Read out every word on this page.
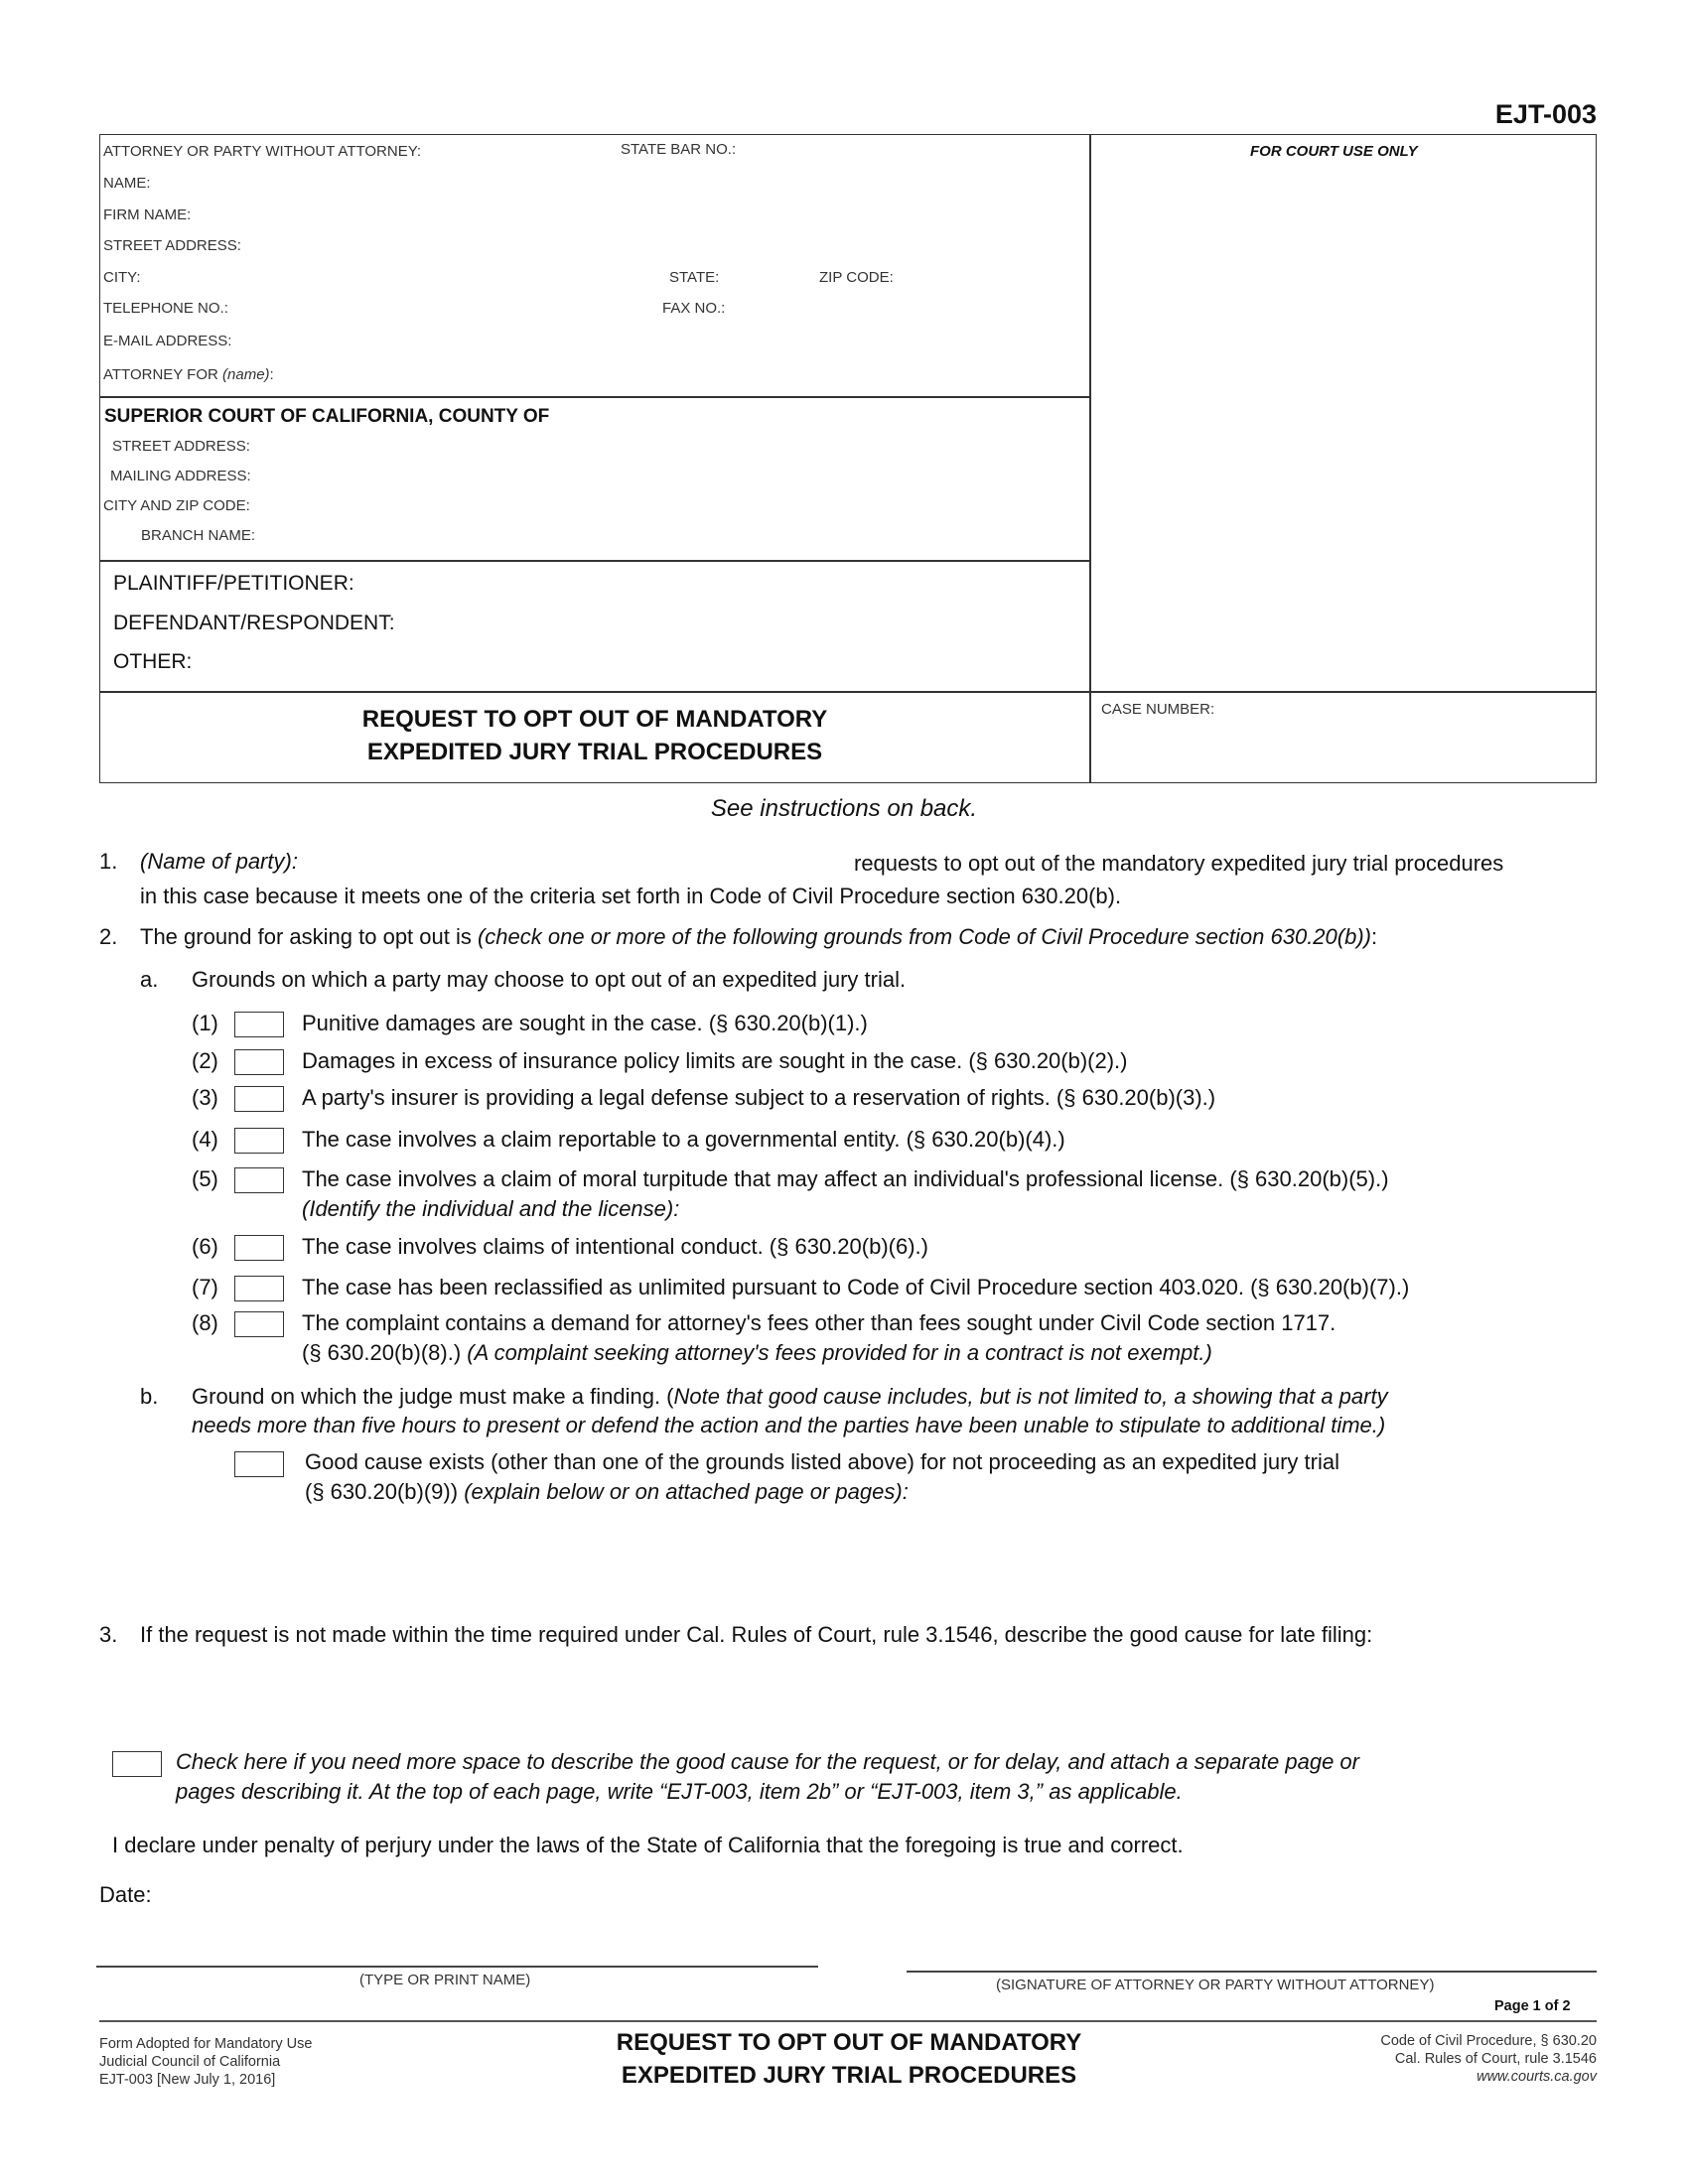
EJT-003
ATTORNEY OR PARTY WITHOUT ATTORNEY:	STATE BAR NO.:
NAME:
FIRM NAME:
STREET ADDRESS:
CITY:	STATE:	ZIP CODE:
TELEPHONE NO.:	FAX NO.:
E-MAIL ADDRESS:
ATTORNEY FOR (name):
SUPERIOR COURT OF CALIFORNIA, COUNTY OF
STREET ADDRESS:
MAILING ADDRESS:
CITY AND ZIP CODE:
BRANCH NAME:
PLAINTIFF/PETITIONER:
DEFENDANT/RESPONDENT:
OTHER:
FOR COURT USE ONLY
REQUEST TO OPT OUT OF MANDATORY
EXPEDITED JURY TRIAL PROCEDURES
CASE NUMBER:
See instructions on back.
1. (Name of party):	requests to opt out of the mandatory expedited jury trial procedures
in this case because it meets one of the criteria set forth in Code of Civil Procedure section 630.20(b).
2. The ground for asking to opt out is (check one or more of the following grounds from Code of Civil Procedure section 630.20(b)):
a. Grounds on which a party may choose to opt out of an expedited jury trial.
(1)	Punitive damages are sought in the case. (§ 630.20(b)(1).)
(2)	Damages in excess of insurance policy limits are sought in the case. (§ 630.20(b)(2).)
(3)	A party's insurer is providing a legal defense subject to a reservation of rights. (§ 630.20(b)(3).)
(4)	The case involves a claim reportable to a governmental entity. (§ 630.20(b)(4).)
(5)	The case involves a claim of moral turpitude that may affect an individual's professional license. (§ 630.20(b)(5).)
(Identify the individual and the license):
(6)	The case involves claims of intentional conduct. (§ 630.20(b)(6).)
(7)	The case has been reclassified as unlimited pursuant to Code of Civil Procedure section 403.020. (§ 630.20(b)(7).)
(8)	The complaint contains a demand for attorney's fees other than fees sought under Civil Code section 1717.
(§ 630.20(b)(8).) (A complaint seeking attorney's fees provided for in a contract is not exempt.)
b. Ground on which the judge must make a finding. (Note that good cause includes, but is not limited to, a showing that a party
needs more than five hours to present or defend the action and the parties have been unable to stipulate to additional time.)
Good cause exists (other than one of the grounds listed above) for not proceeding as an expedited jury trial
(§ 630.20(b)(9)) (explain below or on attached page or pages):
3. If the request is not made within the time required under Cal. Rules of Court, rule 3.1546, describe the good cause for late filing:
Check here if you need more space to describe the good cause for the request, or for delay, and attach a separate page or
pages describing it. At the top of each page, write “EJT-003, item 2b” or “EJT-003, item 3,” as applicable.
I declare under penalty of perjury under the laws of the State of California that the foregoing is true and correct.
Date:
(TYPE OR PRINT NAME)	(SIGNATURE OF ATTORNEY OR PARTY WITHOUT ATTORNEY)
Page 1 of 2
Form Adopted for Mandatory Use
Judicial Council of California
EJT-003 [New July 1, 2016]
REQUEST TO OPT OUT OF MANDATORY
EXPEDITED JURY TRIAL PROCEDURES
Code of Civil Procedure, § 630.20
Cal. Rules of Court, rule 3.1546
www.courts.ca.gov
